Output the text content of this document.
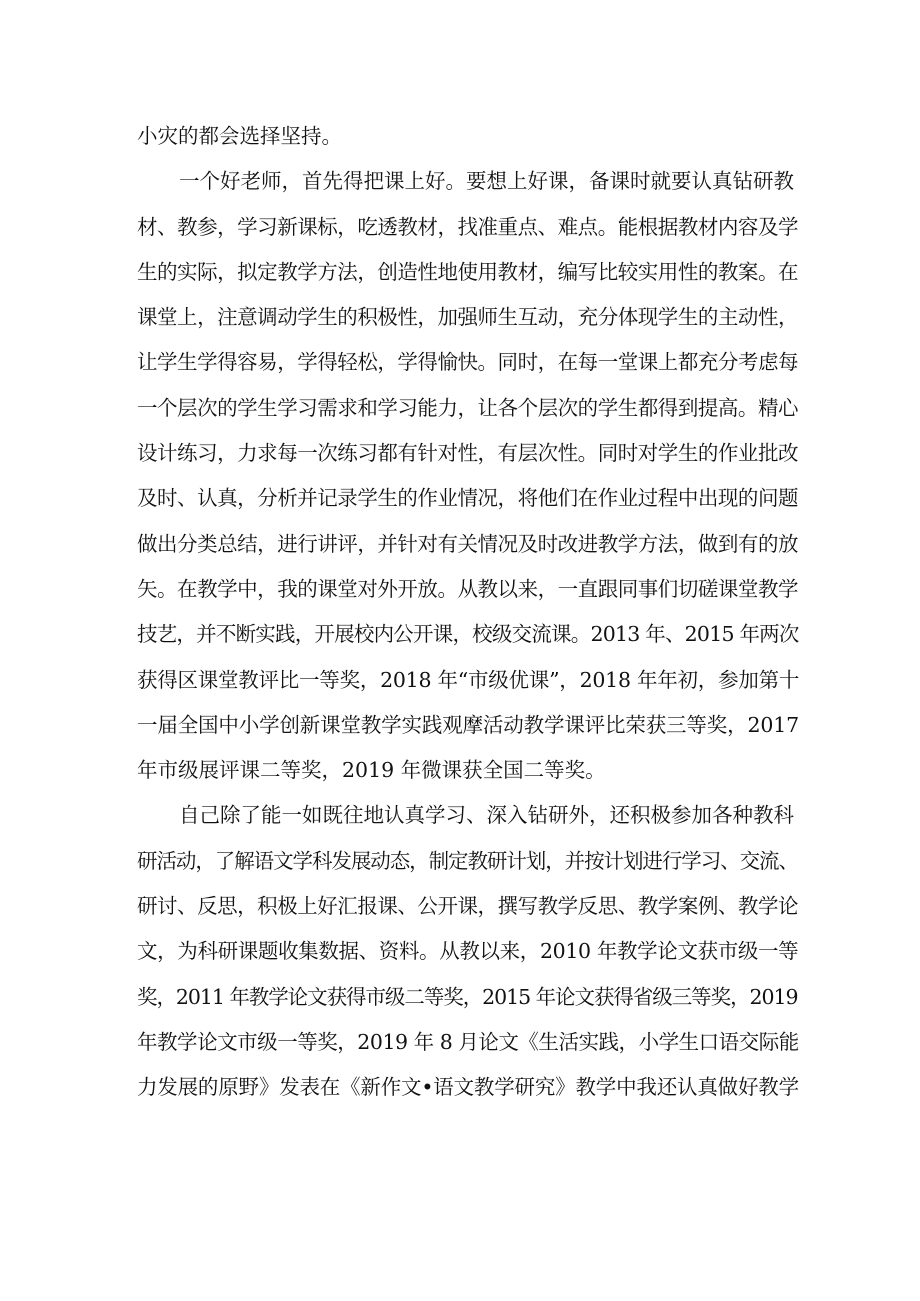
小灾的都会选择坚持。
一个好老师，首先得把课上好。要想上好课，备课时就要认真钻研教
材、教参，学习新课标，吃透教材，找准重点、难点。能根据教材内容及学
生的实际，拟定教学方法，创造性地使用教材，编写比较实用性的教案。在
课堂上，注意调动学生的积极性，加强师生互动，充分体现学生的主动性，
让学生学得容易，学得轻松，学得愉快。同时，在每一堂课上都充分考虑每
一个层次的学生学习需求和学习能力，让各个层次的学生都得到提高。精心
设计练习，力求每一次练习都有针对性，有层次性。同时对学生的作业批改
及时、认真，分析并记录学生的作业情况，将他们在作业过程中出现的问题
做出分类总结，进行讲评，并针对有关情况及时改进教学方法，做到有的放
矢。在教学中，我的课堂对外开放。从教以来，一直跟同事们切磋课堂教学
技艺，并不断实践，开展校内公开课，校级交流课。2013 年、2015 年两次
获得区课堂教评比一等奖，2018 年“市级优课”，2018 年年初，参加第十
一届全国中小学创新课堂教学实践观摩活动教学课评比荣获三等奖，2017
年市级展评课二等奖，2019 年微课获全国二等奖。
自己除了能一如既往地认真学习、深入钻研外，还积极参加各种教科
研活动，了解语文学科发展动态，制定教研计划，并按计划进行学习、交流、
研讨、反思，积极上好汇报课、公开课，撰写教学反思、教学案例、教学论
文，为科研课题收集数据、资料。从教以来，2010 年教学论文获市级一等
奖，2011 年教学论文获得市级二等奖，2015 年论文获得省级三等奖，2019
年教学论文市级一等奖，2019 年 8 月论文《生活实践，小学生口语交际能
力发展的原野》发表在《新作文•语文教学研究》教学中我还认真做好教学
